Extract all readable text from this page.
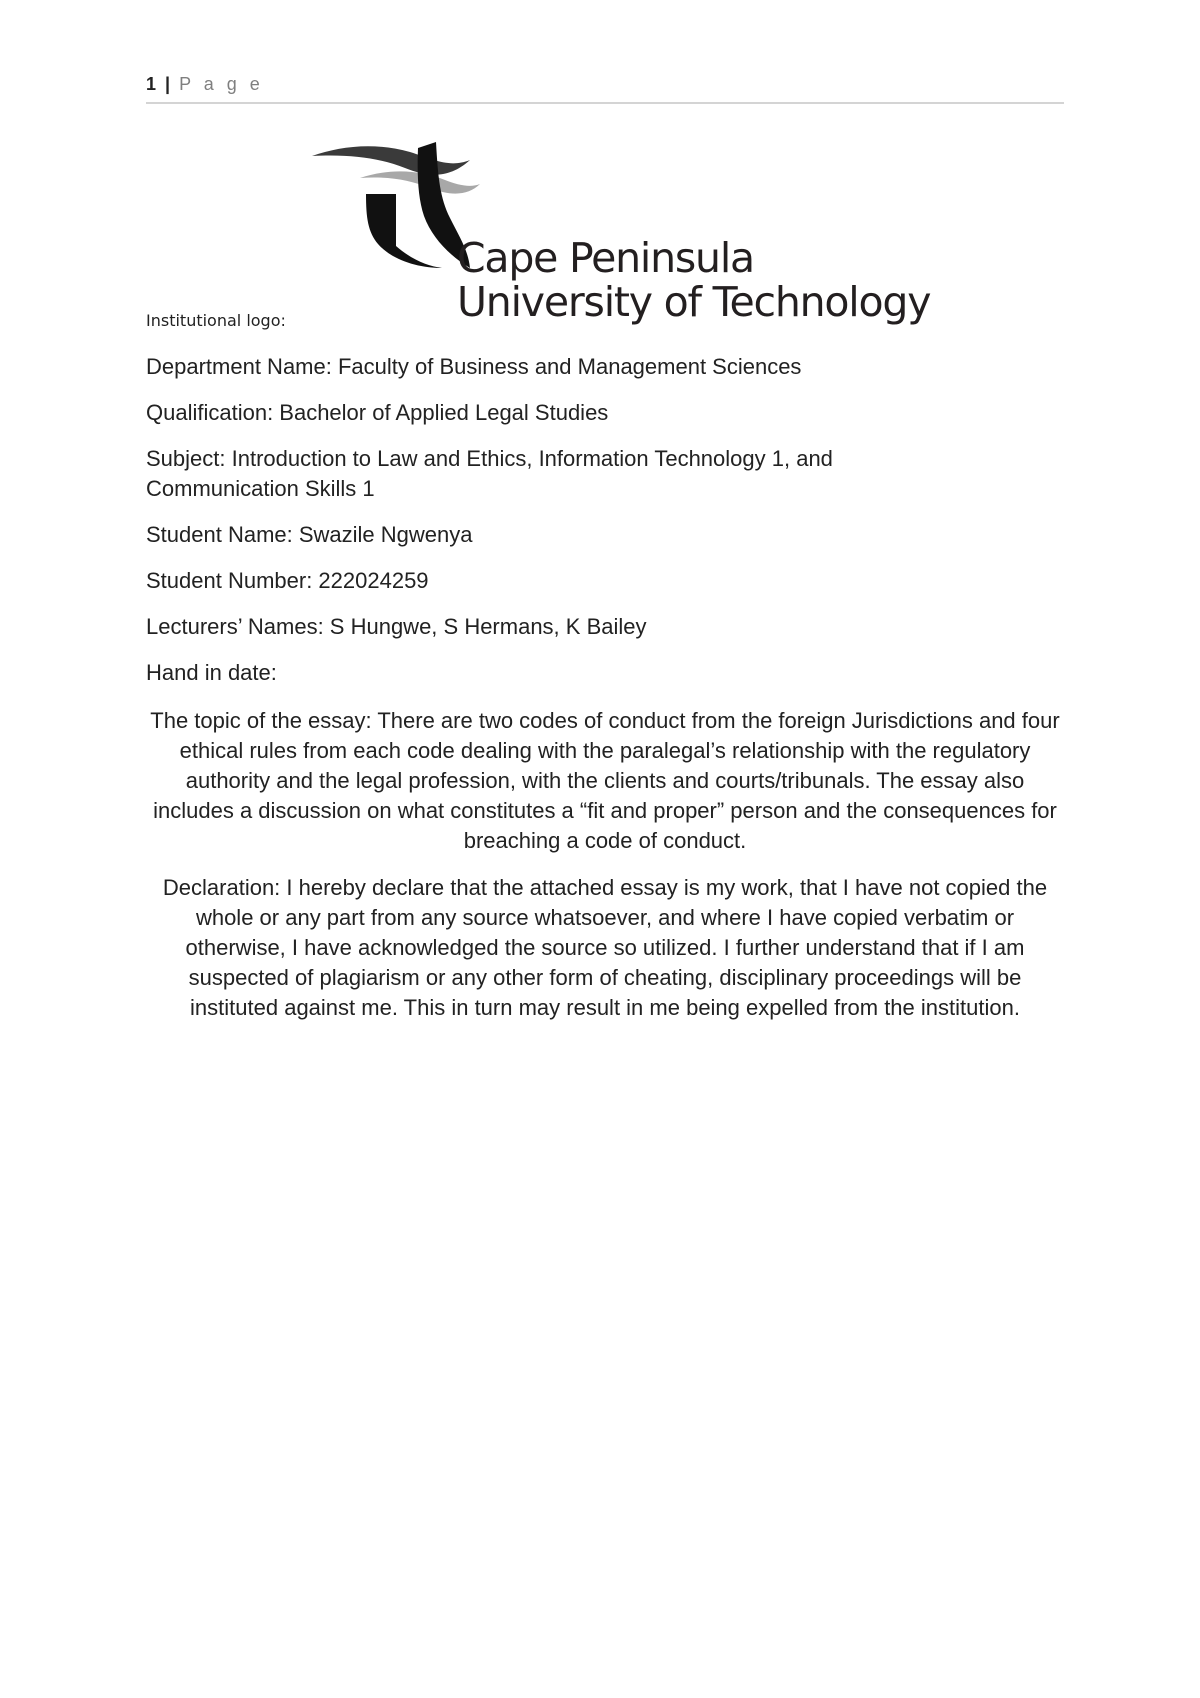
1 | P a g e
Cape Peninsula
University of Technology
Institutional logo:
Department Name: Faculty of Business and Management Sciences
Qualification: Bachelor of Applied Legal Studies
Subject: Introduction to Law and Ethics, Information Technology 1, and Communication Skills 1
Student Name: Swazile Ngwenya
Student Number: 222024259
Lecturers’ Names: S Hungwe, S Hermans, K Bailey
Hand in date:
The topic of the essay: There are two codes of conduct from the foreign Jurisdictions and four ethical rules from each code dealing with the paralegal’s relationship with the regulatory authority and the legal profession, with the clients and courts/tribunals. The essay also includes a discussion on what constitutes a “fit and proper” person and the consequences for breaching a code of conduct.
Declaration: I hereby declare that the attached essay is my work, that I have not copied the whole or any part from any source whatsoever, and where I have copied verbatim or otherwise, I have acknowledged the source so utilized. I further understand that if I am suspected of plagiarism or any other form of cheating, disciplinary proceedings will be instituted against me. This in turn may result in me being expelled from the institution.
